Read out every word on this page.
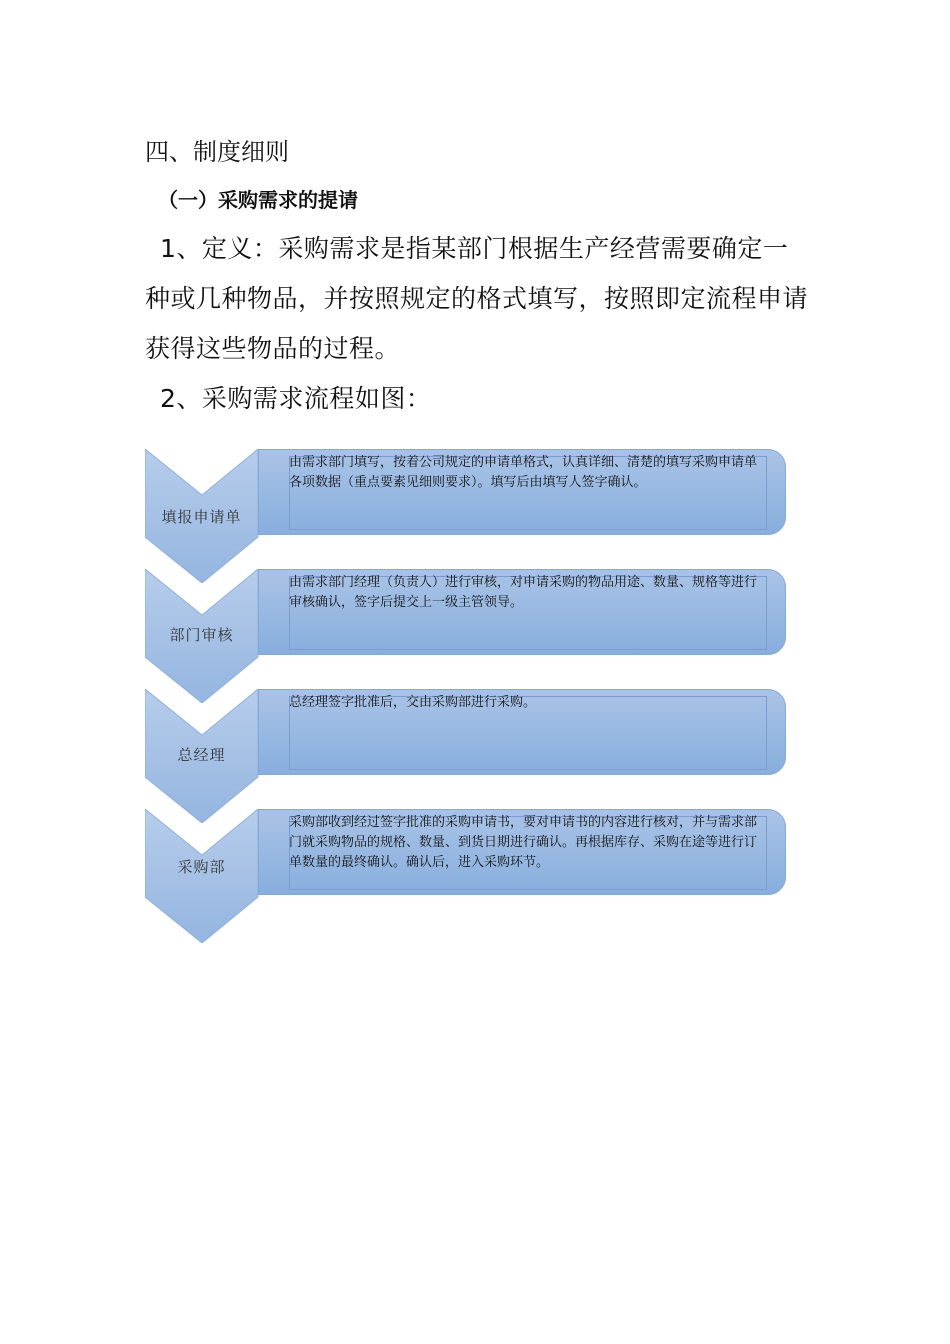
四、制度细则
（一）采购需求的提请
1、定义：采购需求是指某部门根据生产经营需要确定一种或几种物品，并按照规定的格式填写，按照即定流程申请获得这些物品的过程。
2、采购需求流程如图：
填报申请单
由需求部门填写，按着公司规定的申请单格式，认真详细、清楚的填写采购申请单各项数据（重点要素见细则要求）。填写后由填写人签字确认。
部门审核
由需求部门经理（负责人）进行审核，对申请采购的物品用途、数量、规格等进行审核确认，签字后提交上一级主管领导。
总经理
总经理签字批准后，交由采购部进行采购。
采购部
采购部收到经过签字批准的采购申请书，要对申请书的内容进行核对，并与需求部门就采购物品的规格、数量、到货日期进行确认。再根据库存、采购在途等进行订单数量的最终确认。确认后，进入采购环节。
